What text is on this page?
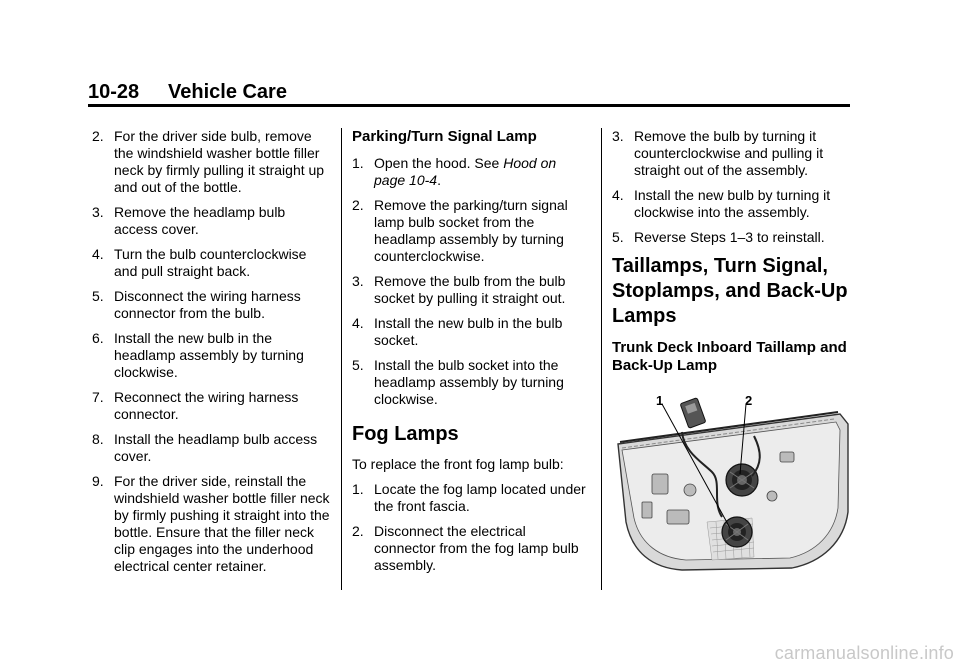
10-28 Vehicle Care
2. For the driver side bulb, remove the windshield washer bottle filler neck by firmly pulling it straight up and out of the bottle.
3. Remove the headlamp bulb access cover.
4. Turn the bulb counterclockwise and pull straight back.
5. Disconnect the wiring harness connector from the bulb.
6. Install the new bulb in the headlamp assembly by turning clockwise.
7. Reconnect the wiring harness connector.
8. Install the headlamp bulb access cover.
9. For the driver side, reinstall the windshield washer bottle filler neck by firmly pushing it straight into the bottle. Ensure that the filler neck clip engages into the underhood electrical center retainer.
Parking/Turn Signal Lamp
1. Open the hood. See Hood on page 10-4.
2. Remove the parking/turn signal lamp bulb socket from the headlamp assembly by turning counterclockwise.
3. Remove the bulb from the bulb socket by pulling it straight out.
4. Install the new bulb in the bulb socket.
5. Install the bulb socket into the headlamp assembly by turning clockwise.
Fog Lamps

To replace the front fog lamp bulb:

1. Locate the fog lamp located under the front fascia.
2. Disconnect the electrical connector from the fog lamp bulb assembly.
3. Remove the bulb by turning it counterclockwise and pulling it straight out of the assembly.
4. Install the new bulb by turning it clockwise into the assembly.
5. Reverse Steps 1–3 to reinstall.
Taillamps, Turn Signal, Stoplamps, and Back-Up Lamps
Trunk Deck Inboard Taillamp and Back-Up Lamp
1	2
carmanualsonline.info
